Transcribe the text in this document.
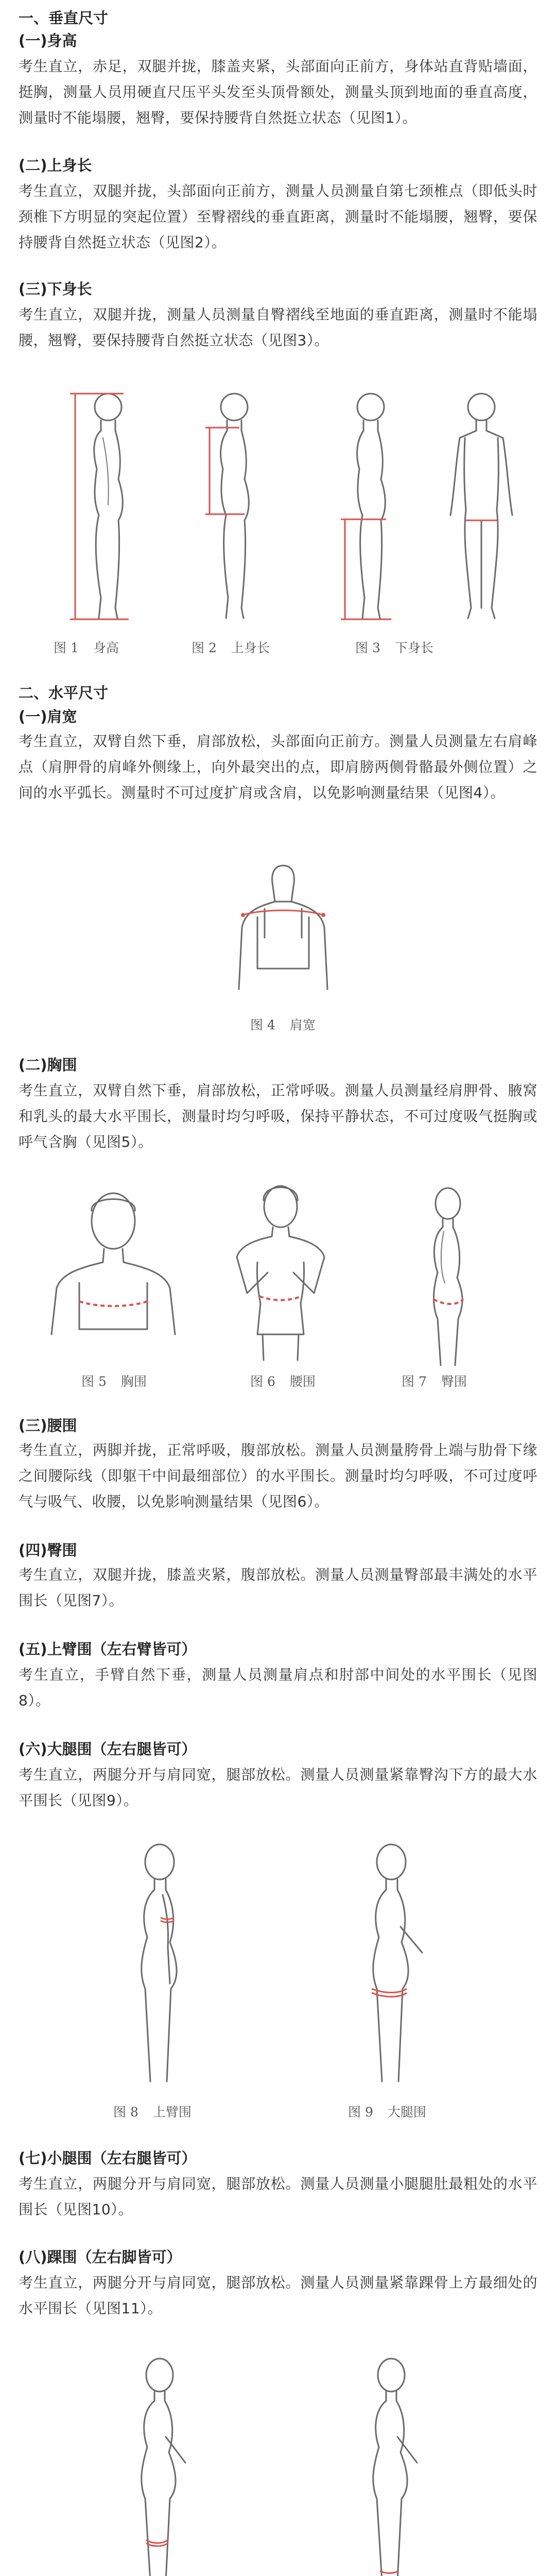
一、垂直尺寸
(一)身高
考生直立，赤足，双腿并拢，膝盖夹紧，头部面向正前方，身体站直背贴墙面，挺胸，测量人员用硬直尺压平头发至头顶骨额处，测量头顶到地面的垂直高度，测量时不能塌腰，翘臀，要保持腰背自然挺立状态（见图1）。
(二)上身长
考生直立，双腿并拢，头部面向正前方，测量人员测量自第七颈椎点（即低头时颈椎下方明显的突起位置）至臀褶线的垂直距离，测量时不能塌腰，翘臀，要保持腰背自然挺立状态（见图2）。
(三)下身长
考生直立，双腿并拢，测量人员测量自臀褶线至地面的垂直距离，测量时不能塌腰，翘臀，要保持腰背自然挺立状态（见图3）。
图 1 身高	图 2 上身长	图 3 下身长
二、水平尺寸
(一)肩宽
考生直立，双臂自然下垂，肩部放松，头部面向正前方。测量人员测量左右肩峰点（肩胛骨的肩峰外侧缘上，向外最突出的点，即肩膀两侧骨骼最外侧位置）之间的水平弧长。测量时不可过度扩肩或含肩，以免影响测量结果（见图4）。
图 4 肩宽
(二)胸围
考生直立，双臂自然下垂，肩部放松，正常呼吸。测量人员测量经肩胛骨、腋窝和乳头的最大水平围长，测量时均匀呼吸，保持平静状态，不可过度吸气挺胸或呼气含胸（见图5）。
图 5 胸围	图 6 腰围	图 7 臀围
(三)腰围
考生直立，两脚并拢，正常呼吸，腹部放松。测量人员测量胯骨上端与肋骨下缘之间腰际线（即躯干中间最细部位）的水平围长。测量时均匀呼吸，不可过度呼气与吸气、收腰，以免影响测量结果（见图6）。
(四)臀围
考生直立，双腿并拢，膝盖夹紧，腹部放松。测量人员测量臀部最丰满处的水平围长（见图7）。
(五)上臂围（左右臂皆可）
考生直立，手臂自然下垂，测量人员测量肩点和肘部中间处的水平围长（见图8）。
(六)大腿围（左右腿皆可）
考生直立，两腿分开与肩同宽，腿部放松。测量人员测量紧靠臀沟下方的最大水平围长（见图9）。
图 8 上臂围	图 9 大腿围
(七)小腿围（左右腿皆可）
考生直立，两腿分开与肩同宽，腿部放松。测量人员测量小腿腿肚最粗处的水平围长（见图10）。
(八)踝围（左右脚皆可）
考生直立，两腿分开与肩同宽，腿部放松。测量人员测量紧靠踝骨上方最细处的水平围长（见图11）。
